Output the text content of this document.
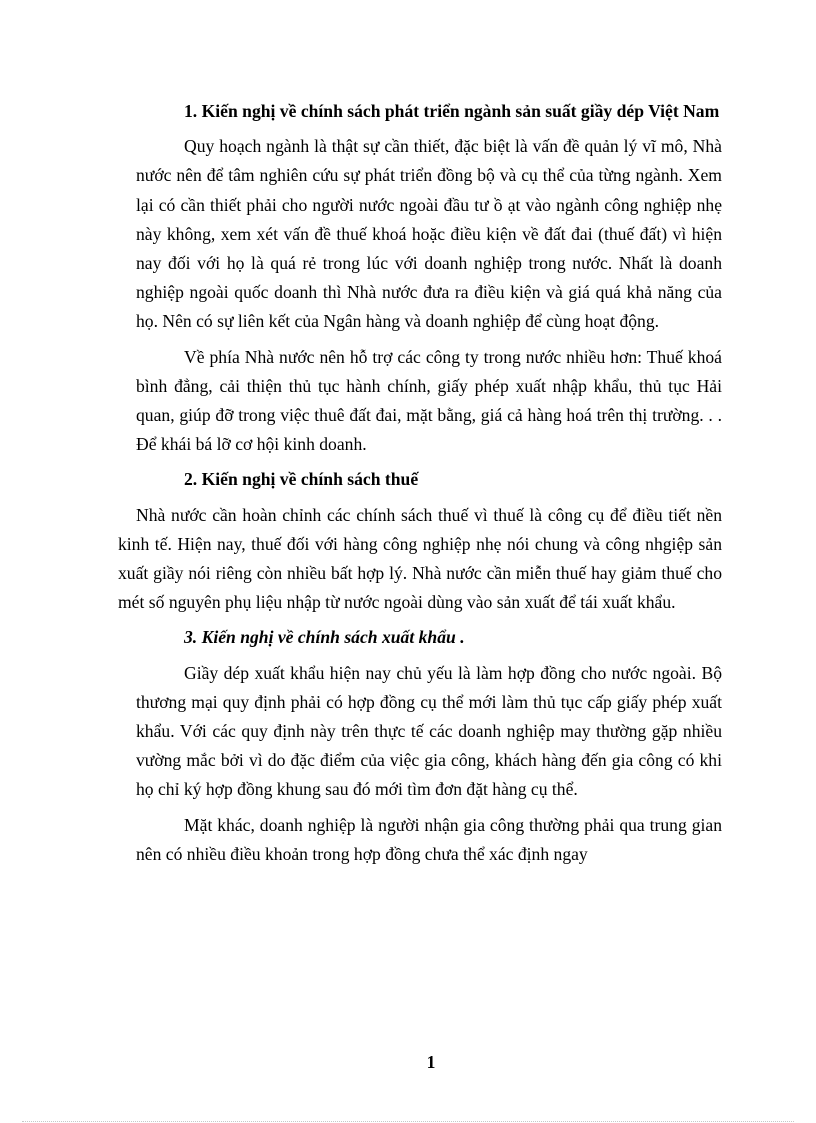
1. Kiến nghị về chính sách phát triển ngành sản suất giầy dép Việt Nam

Quy hoạch ngành là thật sự cần thiết, đặc biệt là vấn đề quản lý vĩ mô, Nhà nước nên để tâm nghiên cứu sự phát triển đồng bộ và cụ thể của từng ngành. Xem lại có cần thiết phải cho người nước ngoài đầu tư ồ ạt vào ngành công nghiệp nhẹ này không, xem xét vấn đề thuế khoá hoặc điều kiện về đất đai (thuế đất) vì hiện nay đối với họ là quá rẻ trong lúc với doanh nghiệp trong nước. Nhất là doanh nghiệp ngoài quốc doanh thì Nhà nước đưa ra điều kiện và giá quá khả năng của họ. Nên có sự liên kết của Ngân hàng và doanh nghiệp để cùng hoạt động.

Về phía Nhà nước nên hỗ trợ các công ty trong nước nhiều hơn: Thuế khoá bình đẳng, cải thiện thủ tục hành chính, giấy phép xuất nhập khẩu, thủ tục Hải quan, giúp đỡ trong việc thuê đất đai, mặt bằng, giá cả hàng hoá trên thị trường. . . Để khái bá lỡ cơ hội kinh doanh.

2. Kiến nghị về chính sách thuế

Nhà nước cần hoàn chỉnh các chính sách thuế vì thuế là công cụ để điều tiết nền kinh tế. Hiện nay, thuế đối với hàng công nghiệp nhẹ nói chung và công nhgiệp sản xuất giầy nói riêng còn nhiều bất hợp lý. Nhà nước cần miễn thuế hay giảm thuế cho mét số nguyên phụ liệu nhập từ nước ngoài dùng vào sản xuất để tái xuất khẩu.

3. Kiến nghị về chính sách xuất khẩu .

Giầy dép xuất khẩu hiện nay chủ yếu là làm hợp đồng cho nước ngoài. Bộ thương mại quy định phải có hợp đồng cụ thể mới làm thủ tục cấp giấy phép xuất khẩu. Với các quy định này trên thực tế các doanh nghiệp may thường gặp nhiều vường mắc bởi vì do đặc điểm của việc gia công, khách hàng đến gia công có khi họ chỉ ký hợp đồng khung sau đó mới tìm đơn đặt hàng cụ thể.

Mặt khác, doanh nghiệp là người nhận gia công thường phải qua trung gian nên có nhiều điều khoản trong hợp đồng chưa thể xác định ngay

1
